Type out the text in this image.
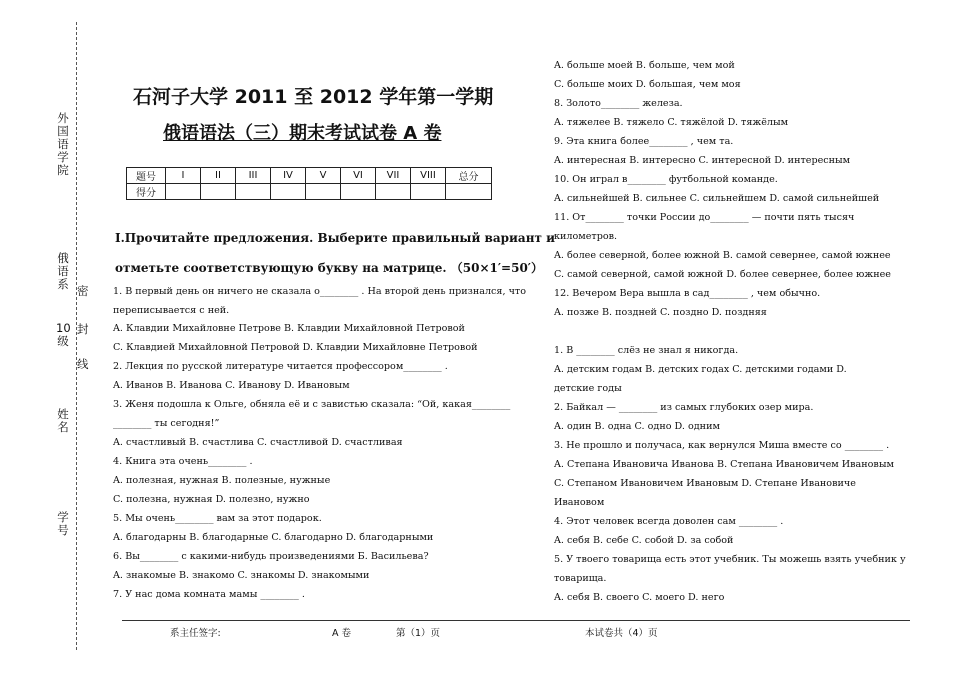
外国语学院
俄语系
10级
姓名
学号
密
封
线
石河子大学 2011 至 2012 学年第一学期
俄语语法（三）期末考试试卷 A 卷
题号	I	II	III	IV	V	VI	VII	VIII	总分
得分									
Ⅰ.Прочитайте предложения. Выберите правильный вариант и
отметьте соответствующую букву на матрице. （50×1′=50′）
1. В первый день он ничего не сказала о________ . На второй день признался, что
переписывается с ней.
A. Клавдии Михайловне Петрове B. Клавдии Михайловной Петровой
C. Клавдией Михайловной Петровой D. Клавдии Михайловне Петровой
2. Лекция по русской литературе читается профессором________ .
A. Иванов B. Иванова C. Иванову D. Ивановым
3. Женя подошла к Ольге, обняла её и с завистью сказала: “Ой, какая________
________ ты сегодня!”
A. счастливый B. счастлива C. счастливой D. счастливая
4. Книга эта очень________ .
A. полезная, нужная B. полезные, нужные
C. полезна, нужная D. полезно, нужно
5. Мы очень________ вам за этот подарок.
A. благодарны B. благодарные C. благодарно D. благодарными
6. Вы________ с какими-нибудь произведениями Б. Васильева?
A. знакомые B. знакомо C. знакомы D. знакомыми
7. У нас дома комната мамы ________ .
A. больше моей B. больше, чем мой
C. больше моих D. большая, чем моя
8. Золото________ железа.
A. тяжелее B. тяжело C. тяжёлой D. тяжёлым
9. Эта книга более________ , чем та.
A. интересная B. интересно C. интересной D. интересным
10. Он играл в________ футбольной команде.
A. сильнейшей B. сильнее C. сильнейшем D. самой сильнейшей
11. От________ точки России до________ — почти пять тысяч
километров.
A. более северной, более южной B. самой севернее, самой южнее
C. самой северной, самой южной D. более севернее, более южнее
12. Вечером Вера вышла в сад________ , чем обычно.
A. позже B. поздней C. поздно D. поздняя
1. В ________ слёз не знал я никогда.
A. детским годам B. детских годах C. детскими годами D.
детские годы
2. Байкал — ________ из самых глубоких озер мира.
A. один B. одна C. одно D. одним
3. Не прошло и получаса, как вернулся Миша вместе со ________ .
A. Степана Ивановича Иванова B. Степана Ивановичем Ивановым
C. Степаном Ивановичем Ивановым D. Степане Ивановиче
Ивановом
4. Этот человек всегда доволен сам ________ .
A. себя B. себе C. собой D. за собой
5. У твоего товарища есть этот учебник. Ты можешь взять учебник у
товарища.
A. себя B. своего C. моего D. него
系主任签字:	A 卷	第（1）页	本试卷共（4）页
